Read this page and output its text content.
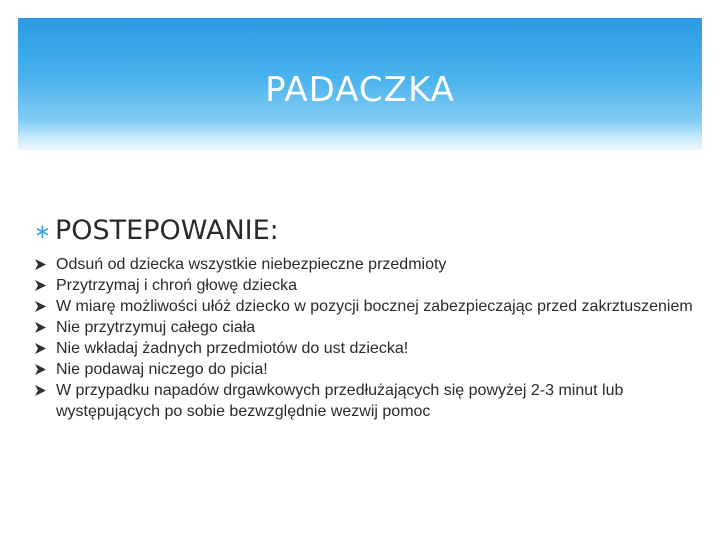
PADACZKA
∗ POSTEPOWANIE:
Odsuń od dziecka wszystkie niebezpieczne przedmioty
Przytrzymaj i chroń głowę dziecka
W miarę możliwości ułóż dziecko w pozycji bocznej zabezpieczając przed zakrztuszeniem
Nie przytrzymuj całego ciała
Nie wkładaj żadnych przedmiotów do ust dziecka!
Nie podawaj niczego do picia!
W przypadku napadów drgawkowych przedłużających się powyżej 2-3 minut lub występujących po sobie bezwzględnie wezwij pomoc
